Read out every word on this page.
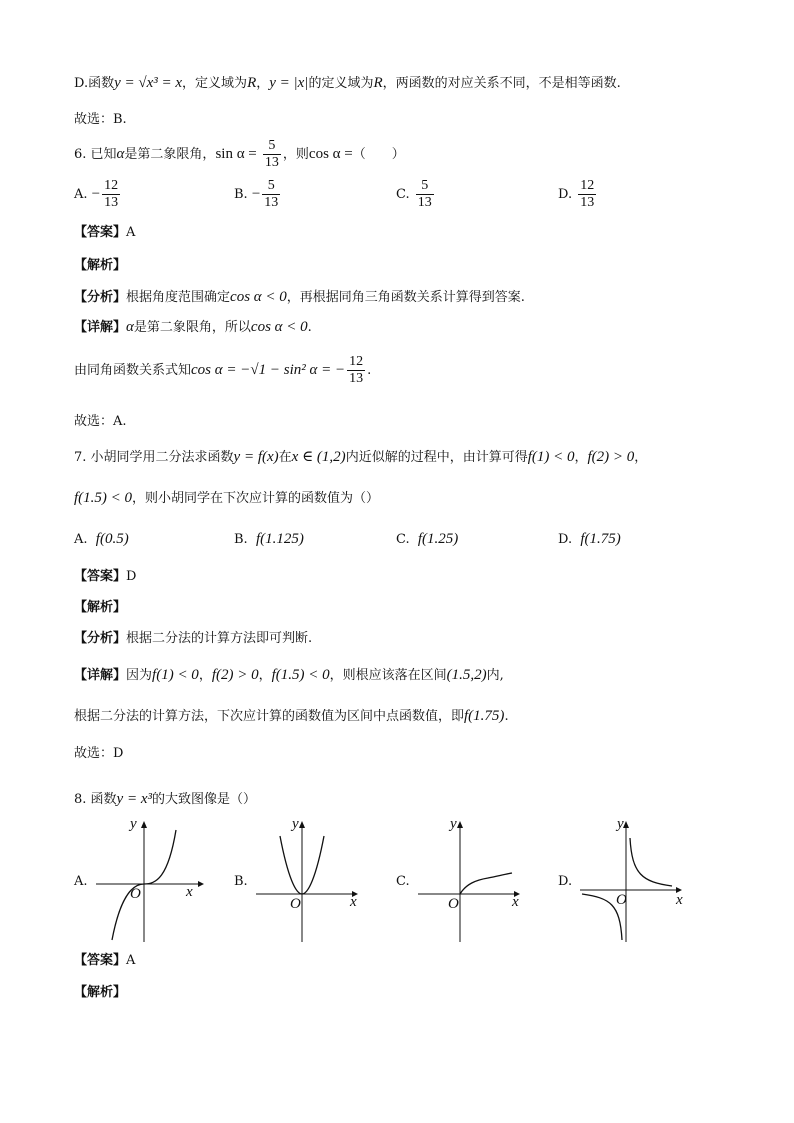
D.函数y = √x³ = x，定义域为R，y = |x|的定义域为R，两函数的对应关系不同，不是相等函数.
故选：B.
6. 已知α是第二象限角，$\sin \alpha = \frac{5}{13}$ ，则cos α =（　　）
A. − $\frac{12}{13}$	B. − $\frac{5}{13}$	C. $\frac{5}{13}$	D. $\frac{12}{13}$
【答案】A
【解析】
【分析】根据角度范围确定cos α < 0，再根据同角三角函数关系计算得到答案.
【详解】α是第二象限角，所以cos α < 0.
由同角函数关系式知cos α = −√1 − sin² α = − $\frac{12}{13}$ .
故选：A.
7. 小胡同学用二分法求函数y = f(x)在x ∈ (1,2)内近似解的过程中，由计算可得f(1) < 0，f(2) > 0，
f(1.5) < 0，则小胡同学在下次应计算的函数值为（）
A. f(0.5)	B. f(1.125)	C. f(1.25)	D. f(1.75)
【答案】D
【解析】
【分析】根据二分法的计算方法即可判断.
【详解】因为f(1) < 0，f(2) > 0，f(1.5) < 0，则根应该落在区间(1.5,2)内,
根据二分法的计算方法，下次应计算的函数值为区间中点函数值，即f(1.75).
故选：D
8. 函数y = x³的大致图像是（）
A.
y
x
O
B.
y
x
O
C.
y
x
O
D.
y
x
O
【答案】A
【解析】
